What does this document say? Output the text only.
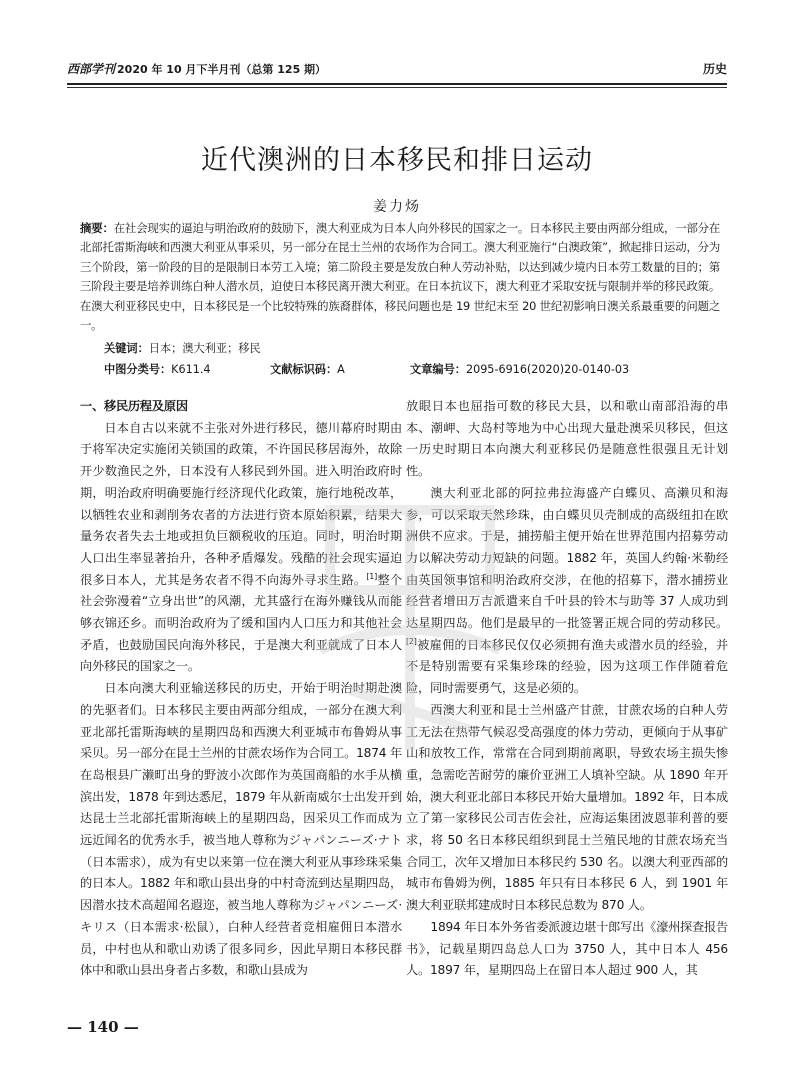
西部学刊 2020 年 10 月下半月刊（总第 125 期）	历史
近代澳洲的日本移民和排日运动
姜力炀
摘要：在社会现实的逼迫与明治政府的鼓励下，澳大利亚成为日本人向外移民的国家之一。日本移民主要由两部分组成，一部分在北部托雷斯海峡和西澳大利亚从事采贝，另一部分在昆士兰州的农场作为合同工。澳大利亚施行“白澳政策”，掀起排日运动，分为三个阶段，第一阶段的目的是限制日本劳工入境；第二阶段主要是发放白种人劳动补贴，以达到减少境内日本劳工数量的目的；第三阶段主要是培养训练白种人潜水员，迫使日本移民离开澳大利亚。在日本抗议下，澳大利亚才采取安抚与限制并举的移民政策。在澳大利亚移民史中，日本移民是一个比较特殊的族裔群体，移民问题也是 19 世纪末至 20 世纪初影响日澳关系最重要的问题之一。
关键词：日本；澳大利亚；移民
中图分类号：K611.4	文献标识码：A	文章编号：2095-6916(2020)20-0140-03
一、移民历程及原因

日本自古以来就不主张对外进行移民，德川幕府时期由于将军决定实施闭关锁国的政策，不许国民移居海外，故除开少数渔民之外，日本没有人移民到外国。进入明治政府时期，明治政府明确要施行经济现代化政策，施行地税改革，以牺牲农业和剥削务农者的方法进行资本原始积累，结果大量务农者失去土地或担负巨额税收的压迫。同时，明治时期人口出生率显著抬升，各种矛盾爆发。残酷的社会现实逼迫很多日本人，尤其是务农者不得不向海外寻求生路。[1]整个社会弥漫着“立身出世”的风潮，尤其盛行在海外赚钱从而能够衣锦还乡。而明治政府为了缓和国内人口压力和其他社会矛盾，也鼓励国民向海外移民，于是澳大利亚就成了日本人向外移民的国家之一。

日本向澳大利亚输送移民的历史，开始于明治时期赴澳的先驱者们。日本移民主要由两部分组成，一部分在澳大利亚北部托雷斯海峡的星期四岛和西澳大利亚城市布鲁姆从事采贝。另一部分在昆士兰州的甘蔗农场作为合同工。1874 年在岛根县广濑町出身的野波小次郎作为英国商船的水手从横滨出发，1878 年到达悉尼，1879 年从新南威尔士出发开到达昆士兰北部托雷斯海峡上的星期四岛，因采贝工作而成为远近闻名的优秀水手，被当地人尊称为ジャパンニーズ·ナト（日本需求），成为有史以来第一位在澳大利亚从事珍珠采集的日本人。1882 年和歌山县出身的中村奇流到达星期四岛，因潜水技术高超闻名遐迩，被当地人尊称为ジャパンニーズ·キリス（日本需求·松鼠），白种人经营者竞相雇佣日本潜水员，中村也从和歌山劝诱了很多同乡，因此早期日本移民群体中和歌山县出身者占多数，和歌山县成为

放眼日本也屈指可数的移民大县，以和歌山南部沿海的串本、潮岬、大岛村等地为中心出现大量赴澳采贝移民，但这一历史时期日本向澳大利亚移民仍是随意性很强且无计划性。

澳大利亚北部的阿拉弗拉海盛产白蝶贝、高濑贝和海参，可以采取天然珍珠，由白蝶贝贝壳制成的高级纽扣在欧洲供不应求。于是，捕捞船主便开始在世界范围内招募劳动力以解决劳动力短缺的问题。1882 年，英国人约翰·米勒经由英国领事馆和明治政府交涉，在他的招募下，潜水捕捞业经营者增田万吉派遣来自千叶县的铃木与助等 37 人成功到达星期四岛。他们是最早的一批签署正规合同的劳动移民。[2]被雇佣的日本移民仅仅必须拥有渔夫或潜水员的经验，并不是特别需要有采集珍珠的经验，因为这项工作伴随着危险，同时需要勇气，这是必须的。

西澳大利亚和昆士兰州盛产甘蔗，甘蔗农场的白种人劳工无法在热带气候忍受高强度的体力劳动，更倾向于从事矿山和放牧工作，常常在合同到期前离职，导致农场主损失惨重，急需吃苦耐劳的廉价亚洲工人填补空缺。从 1890 年开始，澳大利亚北部日本移民开始大量增加。1892 年，日本成立了第一家移民公司吉佐会社，应海运集团波恩菲利普的要求，将 50 名日本移民组织到昆士兰殖民地的甘蔗农场充当合同工，次年又增加日本移民约 530 名。以澳大利亚西部的城市布鲁姆为例，1885 年只有日本移民 6 人，到 1901 年澳大利亚联邦建成时日本移民总数为 870 人。

1894 年日本外务省委派渡边堪十郎写出《濠州探查报告书》，记载星期四岛总人口为 3750 人，其中日本人 456 人。1897 年，星期四岛上在留日本人超过 900 人，其

— 140 —
